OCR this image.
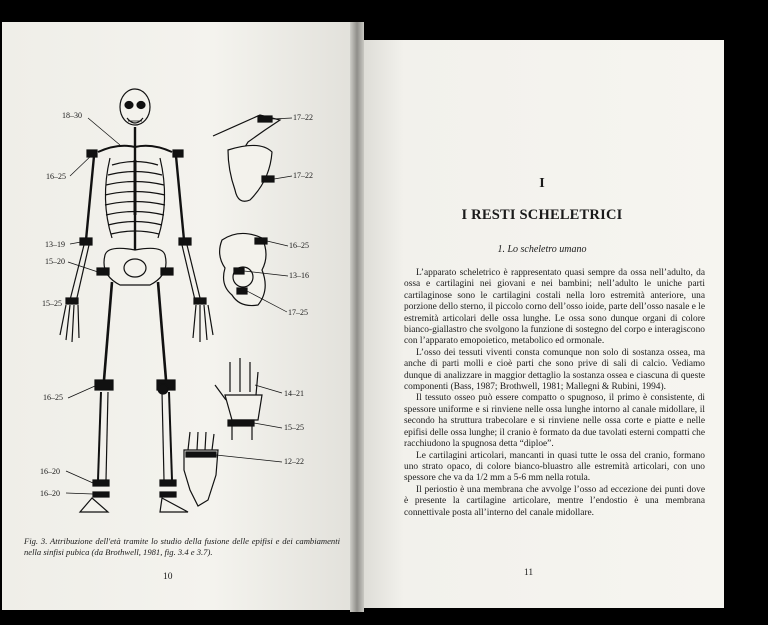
18–30
16–25
13–19
15–20
15–25
16–25
16–20
16–20
17–22
17–22
16–25
13–16
17–25
14–21
15–25
12–22
Fig. 3. Attribuzione dell'età tramite lo studio della fusione delle epifisi e dei cambiamenti nella sinfisi pubica (da Brothwell, 1981, fig. 3.4 e 3.7).
10
I
I RESTI SCHELETRICI
1. Lo scheletro umano

L’apparato scheletrico è rappresentato quasi sempre da ossa nell’adulto, da ossa e cartilagini nei giovani e nei bambini; nell’adulto le uniche parti cartilaginose sono le cartilagini costali nella loro estremità anteriore, una porzione dello sterno, il piccolo corno dell’osso ioide, parte dell’osso nasale e le estremità articolari delle ossa lunghe. Le ossa sono dunque organi di colore bianco-giallastro che svolgono la funzione di sostegno del corpo e interagiscono con l’apparato emopoietico, metabolico ed ormonale.

L’osso dei tessuti viventi consta comunque non solo di sostanza ossea, ma anche di parti molli e cioè parti che sono prive di sali di calcio. Vediamo dunque di analizzare in maggior dettaglio la sostanza ossea e ciascuna di queste componenti (Bass, 1987; Brothwell, 1981; Mallegni & Rubini, 1994).

Il tessuto osseo può essere compatto o spugnoso, il primo è consistente, di spessore uniforme e si rinviene nelle ossa lunghe intorno al canale midollare, il secondo ha struttura trabecolare e si rinviene nelle ossa corte e piatte e nelle epifisi delle ossa lunghe; il cranio è formato da due tavolati esterni compatti che racchiudono la spugnosa detta “diploe”.

Le cartilagini articolari, mancanti in quasi tutte le ossa del cranio, formano uno strato opaco, di colore bianco-bluastro alle estremità articolari, con uno spessore che va da 1/2 mm a 5-6 mm nella rotula.

Il periostio è una membrana che avvolge l’osso ad eccezione dei punti dove è presente la cartilagine articolare, mentre l’endostio è una membrana connettivale posta all’interno del canale midollare.

11
